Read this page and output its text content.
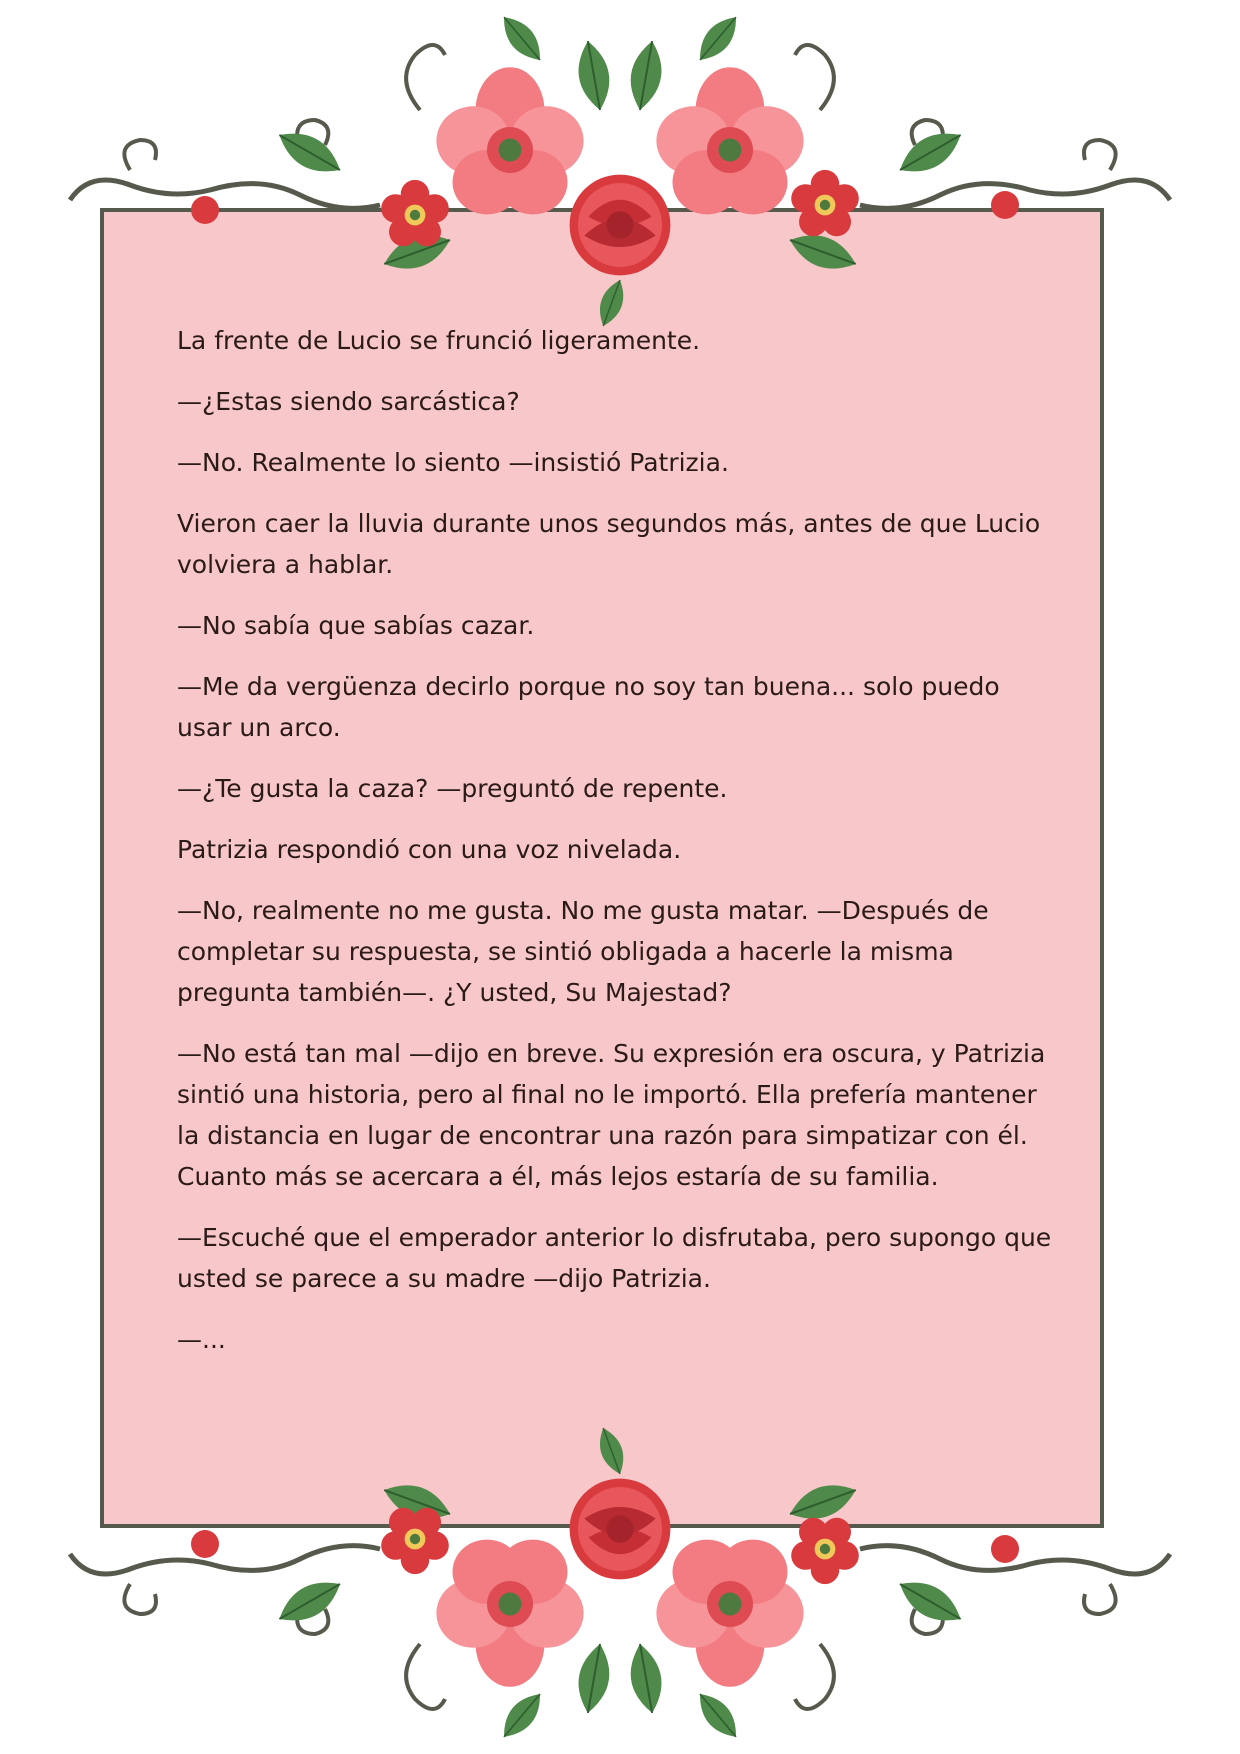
La frente de Lucio se frunció ligeramente.

—¿Estas siendo sarcástica?

—No. Realmente lo siento —insistió Patrizia.

Vieron caer la lluvia durante unos segundos más, antes de que Lucio volviera a hablar.

—No sabía que sabías cazar.

—Me da vergüenza decirlo porque no soy tan buena... solo puedo usar un arco.

—¿Te gusta la caza? —preguntó de repente.

Patrizia respondió con una voz nivelada.

—No, realmente no me gusta. No me gusta matar. —Después de completar su respuesta, se sintió obligada a hacerle la misma pregunta también—. ¿Y usted, Su Majestad?

—No está tan mal —dijo en breve. Su expresión era oscura, y Patrizia sintió una historia, pero al final no le importó. Ella prefería mantener la distancia en lugar de encontrar una razón para simpatizar con él. Cuanto más se acercara a él, más lejos estaría de su familia.

—Escuché que el emperador anterior lo disfrutaba, pero supongo que usted se parece a su madre —dijo Patrizia.

—...
